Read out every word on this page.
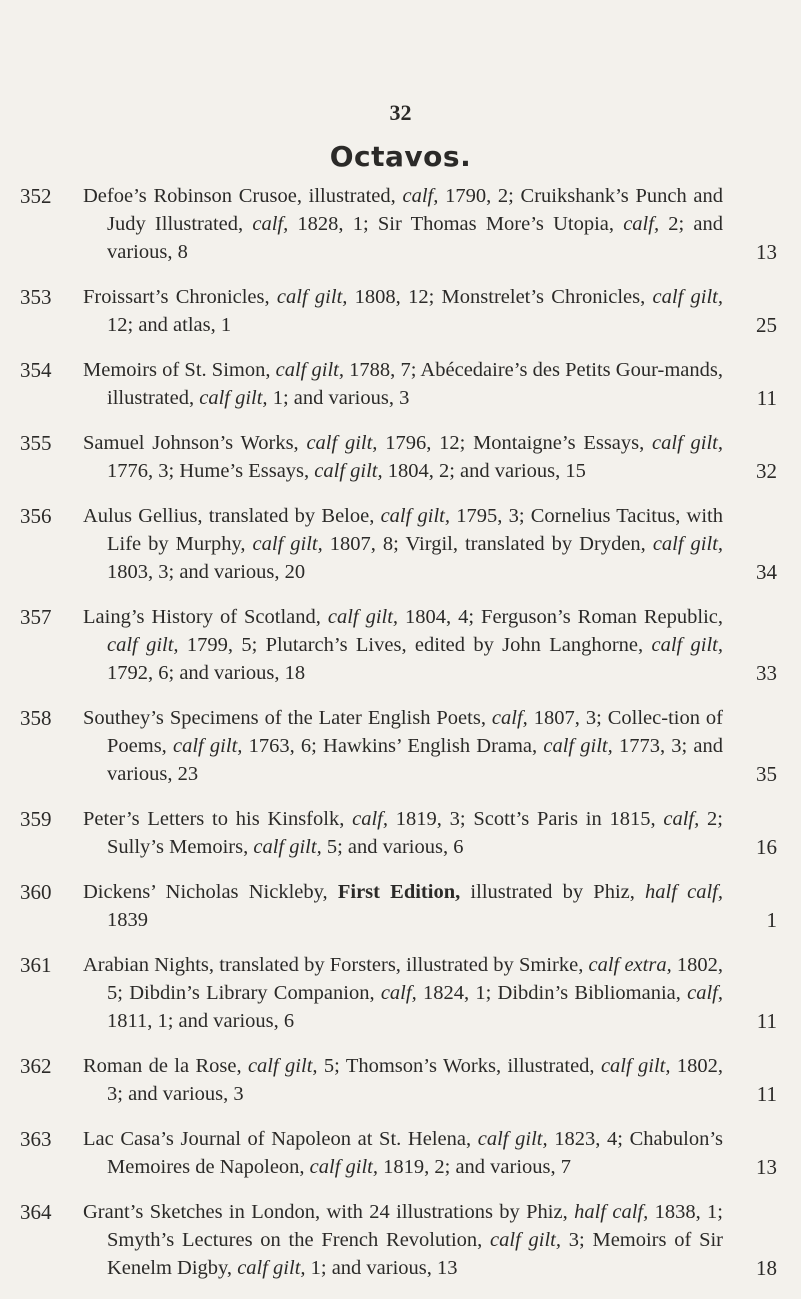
32
Octavos.
352	Defoe’s Robinson Crusoe, illustrated, calf, 1790, 2; Cruikshank’s Punch and Judy Illustrated, calf, 1828, 1; Sir Thomas More’s Utopia, calf, 2; and various, 8	13
353	Froissart’s Chronicles, calf gilt, 1808, 12; Monstrelet’s Chronicles, calf gilt, 12; and atlas, 1	25
354	Memoirs of St. Simon, calf gilt, 1788, 7; Abécedaire’s des Petits Gour-mands, illustrated, calf gilt, 1; and various, 3	11
355	Samuel Johnson’s Works, calf gilt, 1796, 12; Montaigne’s Essays, calf gilt, 1776, 3; Hume’s Essays, calf gilt, 1804, 2; and various, 15	32
356	Aulus Gellius, translated by Beloe, calf gilt, 1795, 3; Cornelius Tacitus, with Life by Murphy, calf gilt, 1807, 8; Virgil, translated by Dryden, calf gilt, 1803, 3; and various, 20	34
357	Laing’s History of Scotland, calf gilt, 1804, 4; Ferguson’s Roman Republic, calf gilt, 1799, 5; Plutarch’s Lives, edited by John Langhorne, calf gilt, 1792, 6; and various, 18	33
358	Southey’s Specimens of the Later English Poets, calf, 1807, 3; Collec-tion of Poems, calf gilt, 1763, 6; Hawkins’ English Drama, calf gilt, 1773, 3; and various, 23	35
359	Peter’s Letters to his Kinsfolk, calf, 1819, 3; Scott’s Paris in 1815, calf, 2; Sully’s Memoirs, calf gilt, 5; and various, 6	16
360	Dickens’ Nicholas Nickleby, First Edition, illustrated by Phiz, half calf, 1839	1
361	Arabian Nights, translated by Forsters, illustrated by Smirke, calf extra, 1802, 5; Dibdin’s Library Companion, calf, 1824, 1; Dibdin’s Bibliomania, calf, 1811, 1; and various, 6	11
362	Roman de la Rose, calf gilt, 5; Thomson’s Works, illustrated, calf gilt, 1802, 3; and various, 3	11
363	Lac Casa’s Journal of Napoleon at St. Helena, calf gilt, 1823, 4; Chabulon’s Memoires de Napoleon, calf gilt, 1819, 2; and various, 7	13
364	Grant’s Sketches in London, with 24 illustrations by Phiz, half calf, 1838, 1; Smyth’s Lectures on the French Revolution, calf gilt, 3; Memoirs of Sir Kenelm Digby, calf gilt, 1; and various, 13	18
